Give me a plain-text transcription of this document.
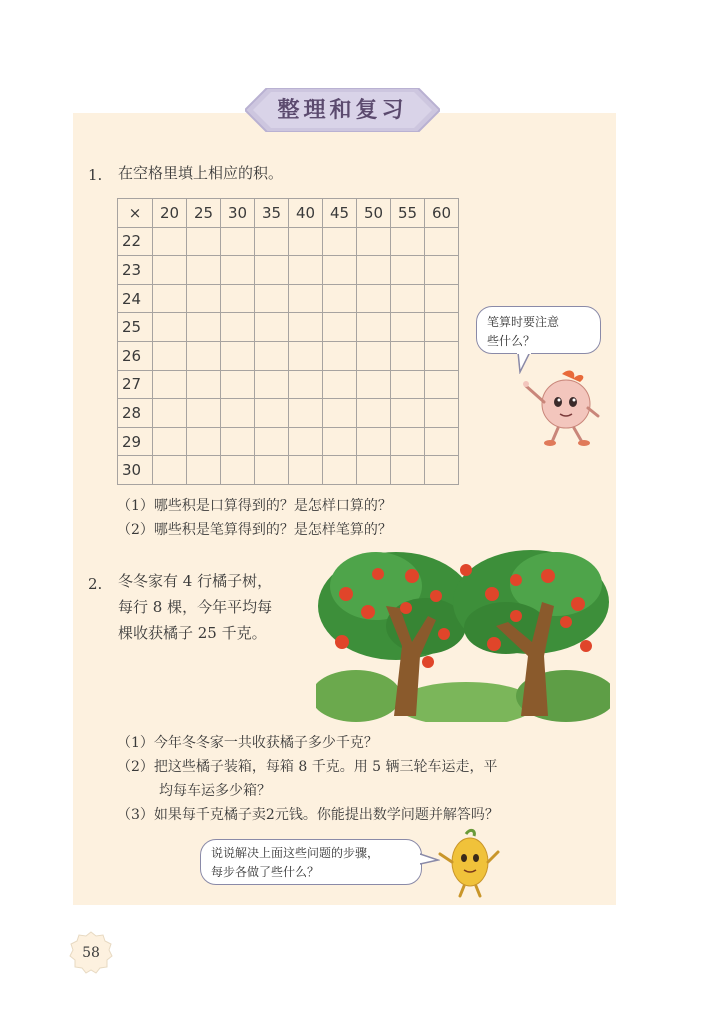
整理和复习
1. 在空格里填上相应的积。
×	20	25	30	35	40	45	50	55	60
22									
23									
24									
25									
26									
27									
28									
29									
30									
（1）哪些积是口算得到的？是怎样口算的？
（2）哪些积是笔算得到的？是怎样笔算的？
笔算时要注意
些什么？
2. 冬冬家有 4 行橘子树，
每行 8 棵，今年平均每
棵收获橘子 25 千克。
（1）今年冬冬家一共收获橘子多少千克？
（2）把这些橘子装箱，每箱 8 千克。用 5 辆三轮车运走，平
均每车运多少箱？
（3）如果每千克橘子卖2元钱。你能提出数学问题并解答吗？
说说解决上面这些问题的步骤，
每步各做了些什么？
58
